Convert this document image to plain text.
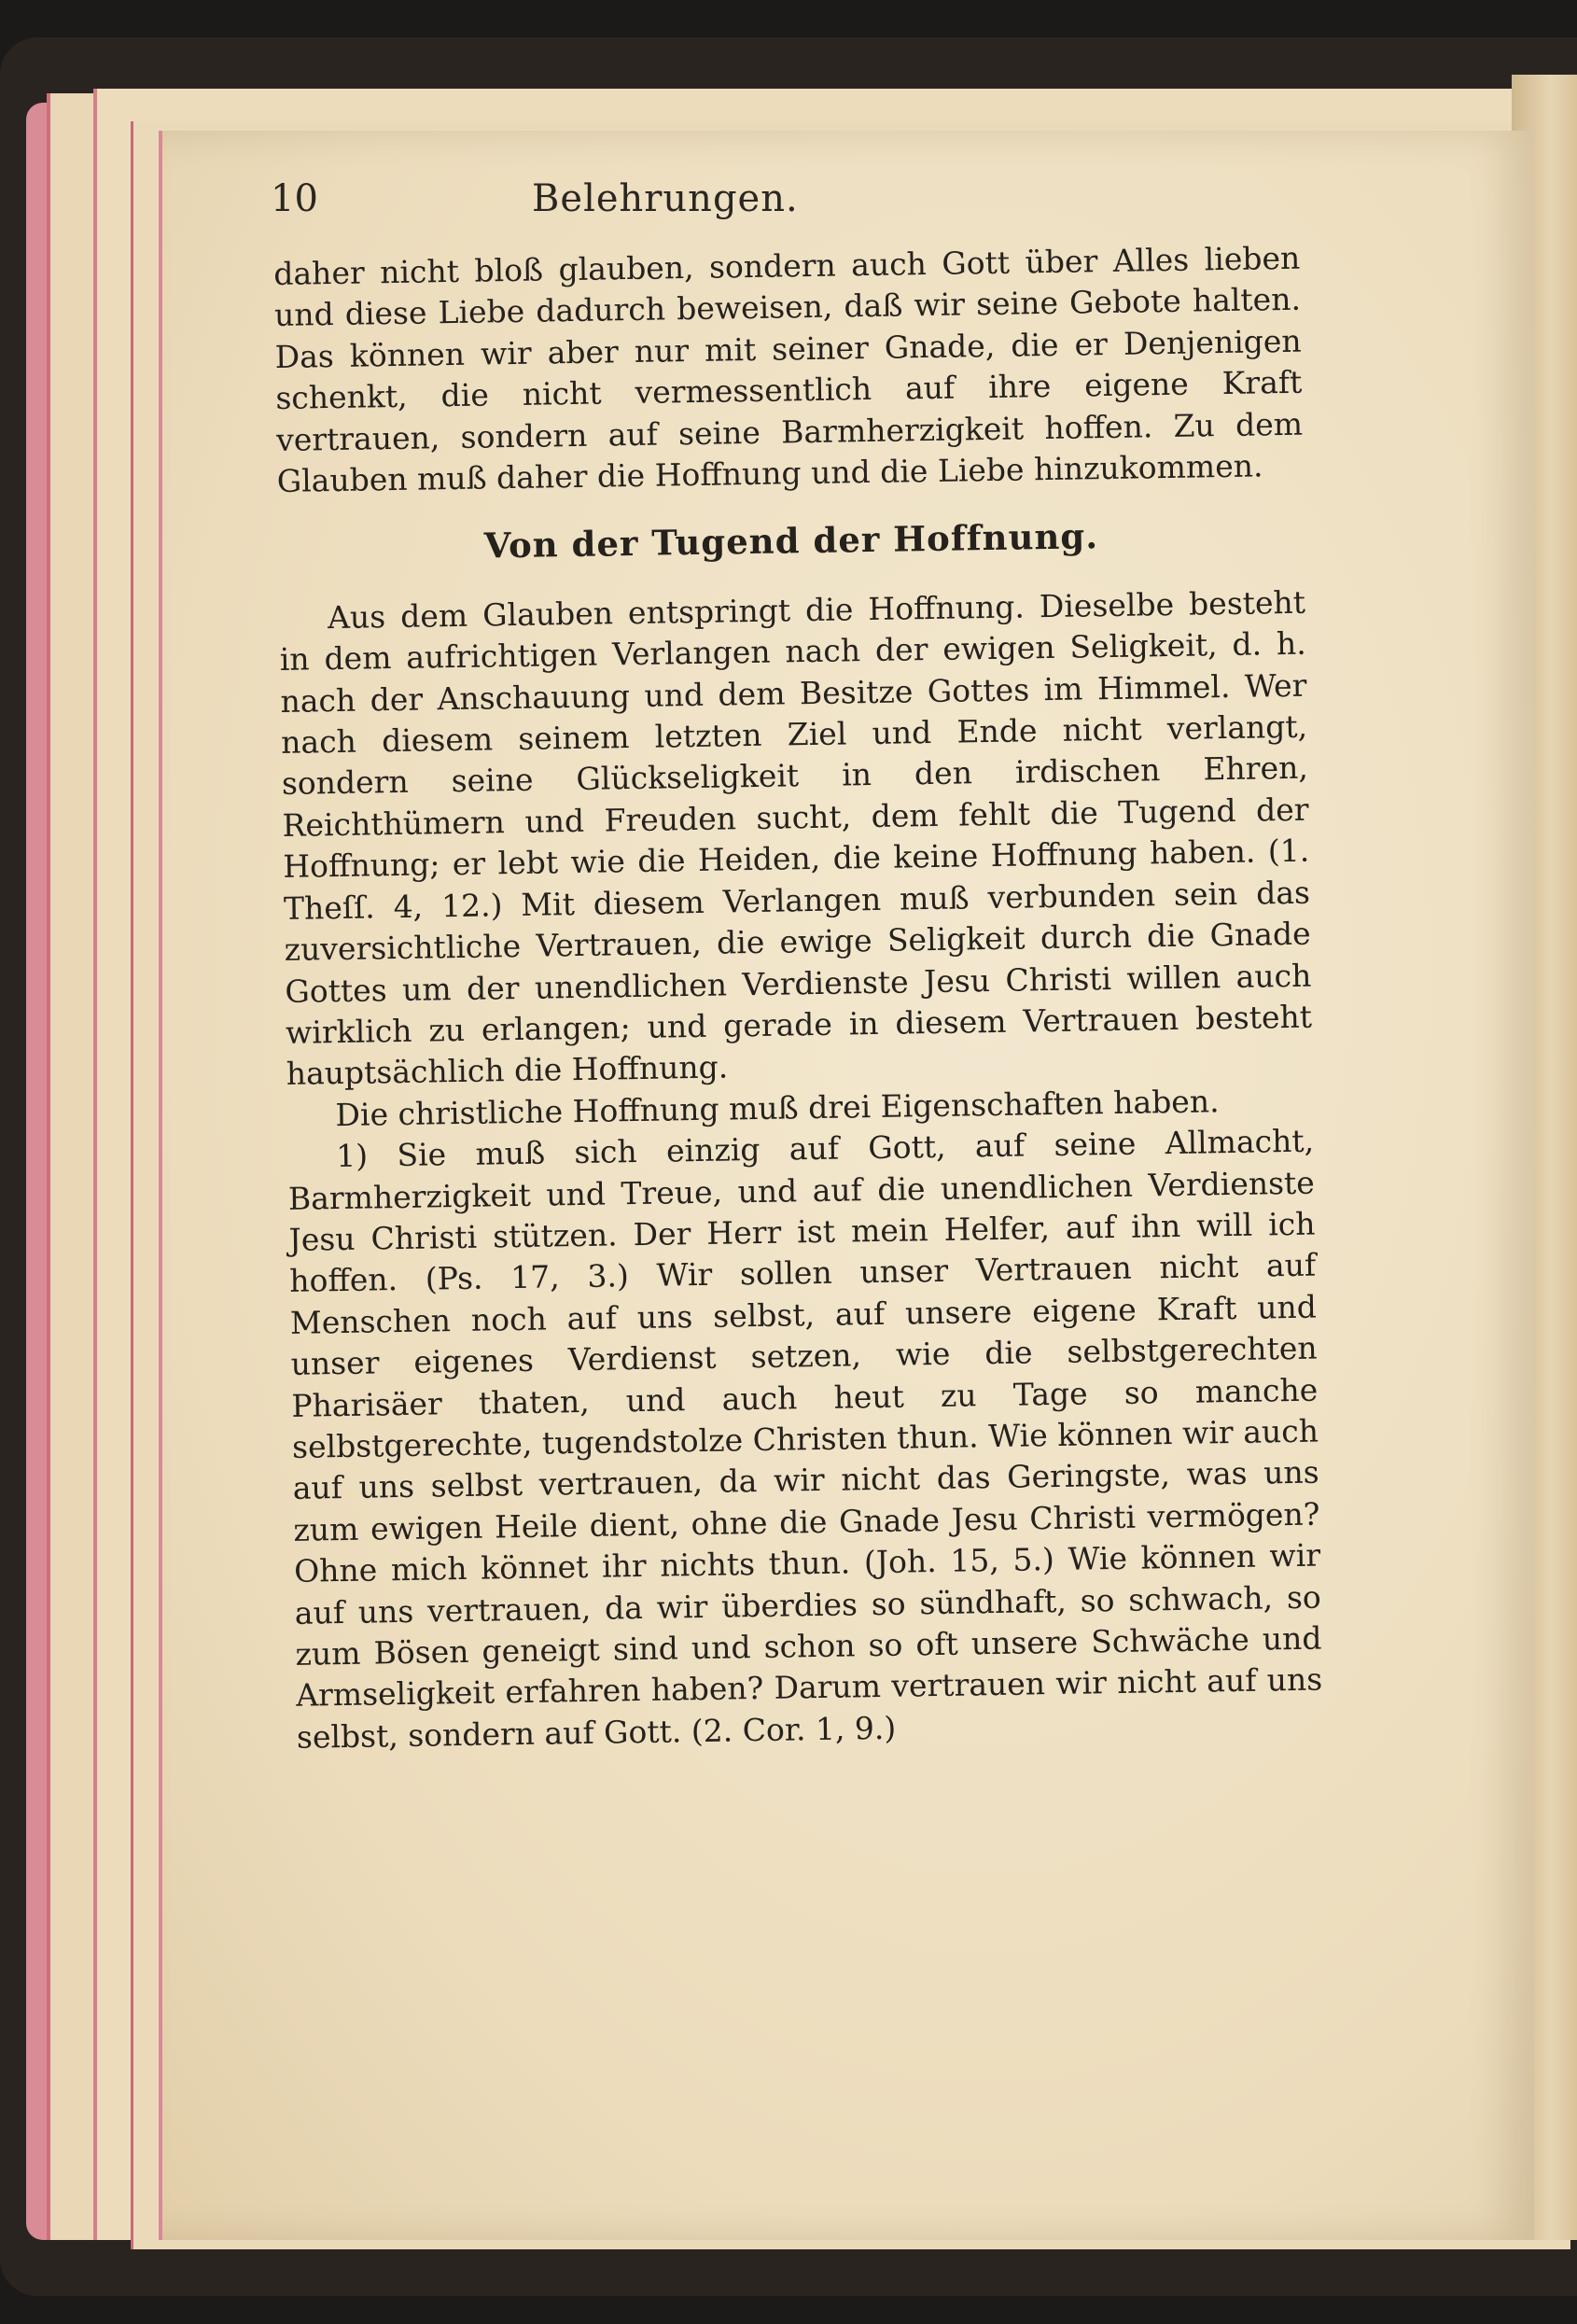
10	Belehrungen.

daher nicht bloß glauben, sondern auch Gott über Alles lieben und diese Liebe dadurch beweisen, daß wir seine Gebote halten. Das können wir aber nur mit seiner Gnade, die er Denjenigen schenkt, die nicht vermessentlich auf ihre eigene Kraft vertrauen, sondern auf seine Barmherzigkeit hoffen. Zu dem Glauben muß daher die Hoffnung und die Liebe hinzukommen.

Von der Tugend der Hoffnung.

Aus dem Glauben entspringt die Hoffnung. Dieselbe besteht in dem aufrichtigen Verlangen nach der ewigen Seligkeit, d. h. nach der Anschauung und dem Besitze Gottes im Himmel. Wer nach diesem seinem letzten Ziel und Ende nicht verlangt, sondern seine Glückseligkeit in den irdischen Ehren, Reichthümern und Freuden sucht, dem fehlt die Tugend der Hoffnung; er lebt wie die Heiden, die keine Hoffnung haben. (1. Theſſ. 4, 12.) Mit diesem Verlangen muß verbunden sein das zuversichtliche Vertrauen, die ewige Seligkeit durch die Gnade Gottes um der unendlichen Verdienste Jesu Christi willen auch wirklich zu erlangen; und gerade in diesem Vertrauen besteht hauptsächlich die Hoffnung.

Die christliche Hoffnung muß drei Eigenschaften haben.

1) Sie muß sich einzig auf Gott, auf seine Allmacht, Barmherzigkeit und Treue, und auf die unendlichen Verdienste Jesu Christi stützen. Der Herr ist mein Helfer, auf ihn will ich hoffen. (Ps. 17, 3.) Wir sollen unser Vertrauen nicht auf Menschen noch auf uns selbst, auf unsere eigene Kraft und unser eigenes Verdienst setzen, wie die selbstgerechten Pharisäer thaten, und auch heut zu Tage so manche selbstgerechte, tugendstolze Christen thun. Wie können wir auch auf uns selbst vertrauen, da wir nicht das Geringste, was uns zum ewigen Heile dient, ohne die Gnade Jesu Christi vermögen? Ohne mich könnet ihr nichts thun. (Joh. 15, 5.) Wie können wir auf uns vertrauen, da wir überdies so sündhaft, so schwach, so zum Bösen geneigt sind und schon so oft unsere Schwäche und Armseligkeit erfahren haben? Darum vertrauen wir nicht auf uns selbst, sondern auf Gott. (2. Cor. 1, 9.)
